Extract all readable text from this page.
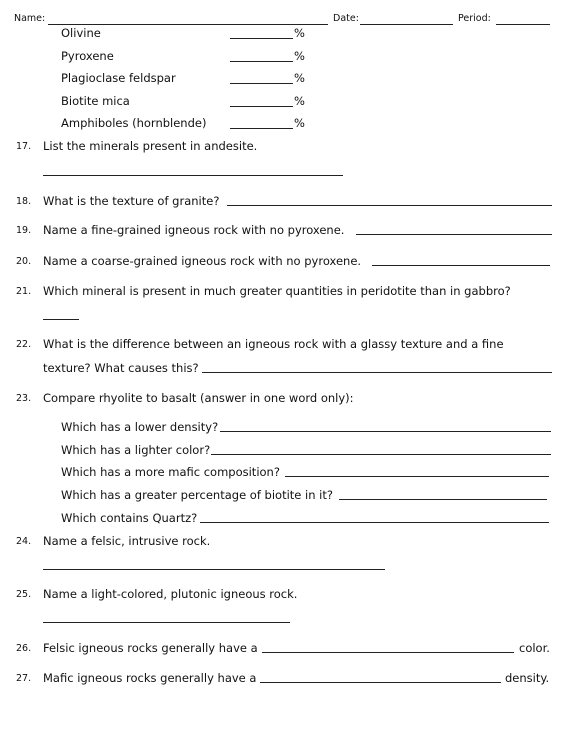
Name:	Date:	Period:
Olivine	%
Pyroxene	%
Plagioclase feldspar	%
Biotite mica	%
Amphiboles (hornblende)	%
17. List the minerals present in andesite.
18. What is the texture of granite?
19. Name a fine-grained igneous rock with no pyroxene.
20. Name a coarse-grained igneous rock with no pyroxene.
21. Which mineral is present in much greater quantities in peridotite than in gabbro?
22. What is the difference between an igneous rock with a glassy texture and a fine
texture? What causes this?
23. Compare rhyolite to basalt (answer in one word only):
Which has a lower density?
Which has a lighter color?
Which has a more mafic composition?
Which has a greater percentage of biotite in it?
Which contains Quartz?
24. Name a felsic, intrusive rock.
25. Name a light-colored, plutonic igneous rock.
26. Felsic igneous rocks generally have a	color.
27. Mafic igneous rocks generally have a	density.
